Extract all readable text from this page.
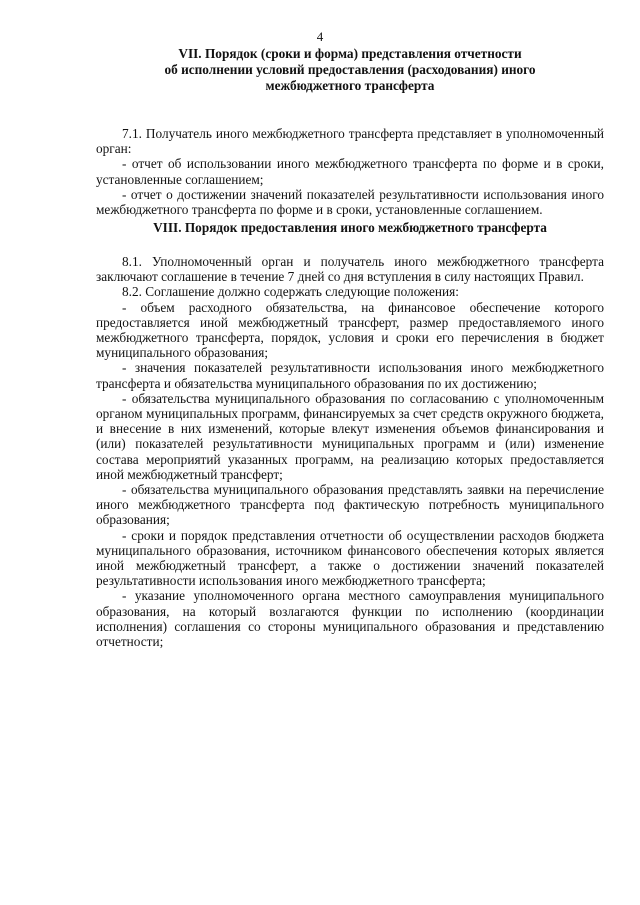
4
VII. Порядок (сроки и форма) представления отчетности
об исполнении условий предоставления (расходования) иного
межбюджетного трансферта

7.1. Получатель иного межбюджетного трансферта представляет в уполномоченный орган:

- отчет об использовании иного межбюджетного трансферта по форме и в сроки, установленные соглашением;

- отчет о достижении значений показателей результативности использования иного межбюджетного трансферта по форме и в сроки, установленные соглашением.

VIII. Порядок предоставления иного межбюджетного трансферта

8.1. Уполномоченный орган и получатель иного межбюджетного трансферта заключают соглашение в течение 7 дней со дня вступления в силу настоящих Правил.

8.2. Соглашение должно содержать следующие положения:

- объем расходного обязательства, на финансовое обеспечение которого предоставляется иной межбюджетный трансферт, размер предоставляемого иного межбюджетного трансферта, порядок, условия и сроки его перечисления в бюджет муниципального образования;

- значения показателей результативности использования иного межбюджетного трансферта и обязательства муниципального образования по их достижению;

- обязательства муниципального образования по согласованию с уполномоченным органом муниципальных программ, финансируемых за счет средств окружного бюджета, и внесение в них изменений, которые влекут изменения объемов финансирования и (или) показателей результативности муниципальных программ и (или) изменение состава мероприятий указанных программ, на реализацию которых предоставляется иной межбюджетный трансферт;

- обязательства муниципального образования представлять заявки на перечисление иного межбюджетного трансферта под фактическую потребность муниципального образования;

- сроки и порядок представления отчетности об осуществлении расходов бюджета муниципального образования, источником финансового обеспечения которых является иной межбюджетный трансферт, а также о достижении значений показателей результативности использования иного межбюджетного трансферта;

- указание уполномоченного органа местного самоуправления муниципального образования, на который возлагаются функции по исполнению (координации исполнения) соглашения со стороны муниципального образования и представлению отчетности;
